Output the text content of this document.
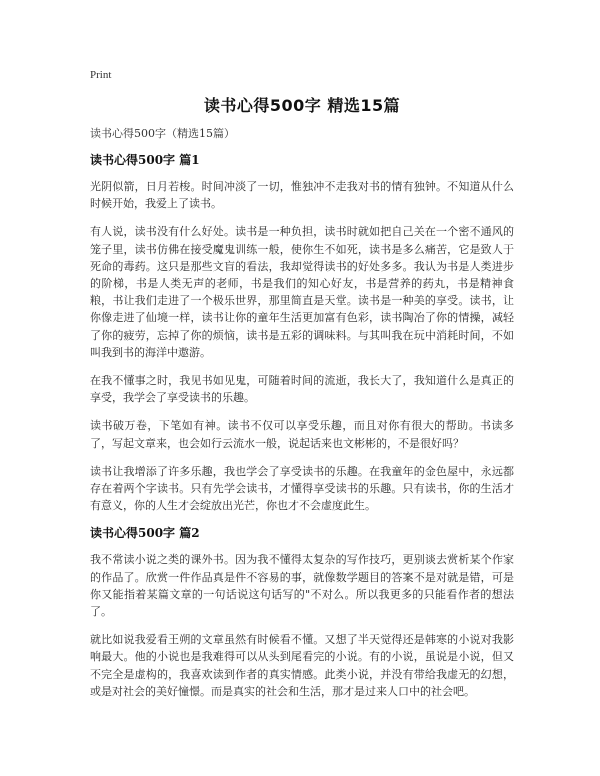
Print
读书心得500字 精选15篇
读书心得500字（精选15篇）
读书心得500字 篇1

光阴似箭，日月若梭。时间冲淡了一切，惟独冲不走我对书的情有独钟。不知道从什么时候开始，我爱上了读书。

有人说，读书没有什么好处。读书是一种负担，读书时就如把自己关在一个密不通风的笼子里，读书仿佛在接受魔鬼训练一般，使你生不如死，读书是多么痛苦，它是致人于死命的毒药。这只是那些文盲的看法，我却觉得读书的好处多多。我认为书是人类进步的阶梯，书是人类无声的老师，书是我们的知心好友，书是营养的药丸，书是精神食粮，书让我们走进了一个极乐世界，那里简直是天堂。读书是一种美的享受。读书，让你像走进了仙境一样，读书让你的童年生活更加富有色彩，读书陶冶了你的情操，减轻了你的疲劳，忘掉了你的烦恼，读书是五彩的调味料。与其叫我在玩中消耗时间，不如叫我到书的海洋中遨游。

在我不懂事之时，我见书如见鬼，可随着时间的流逝，我长大了，我知道什么是真正的享受，我学会了享受读书的乐趣。

读书破万卷，下笔如有神。读书不仅可以享受乐趣，而且对你有很大的帮助。书读多了，写起文章来，也会如行云流水一般，说起话来也文彬彬的，不是很好吗？

读书让我增添了许多乐趣，我也学会了享受读书的乐趣。在我童年的金色屋中，永远都存在着两个字读书。只有先学会读书，才懂得享受读书的乐趣。只有读书，你的生活才有意义，你的人生才会绽放出光芒，你也才不会虚度此生。

读书心得500字 篇2

我不常读小说之类的课外书。因为我不懂得太复杂的写作技巧，更别谈去赏析某个作家的作品了。欣赏一件作品真是件不容易的事，就像数学题目的答案不是对就是错，可是你又能指着某篇文章的一句话说这句话写的"不对么。所以我更多的只能看作者的想法了。

就比如说我爱看王朔的文章虽然有时候看不懂。又想了半天觉得还是韩寒的小说对我影响最大。他的小说也是我难得可以从头到尾看完的小说。有的小说，虽说是小说，但又不完全是虚构的，我喜欢读到作者的真实情感。此类小说，并没有带给我虚无的幻想，或是对社会的美好憧憬。而是真实的社会和生活，那才是过来人口中的社会吧。
